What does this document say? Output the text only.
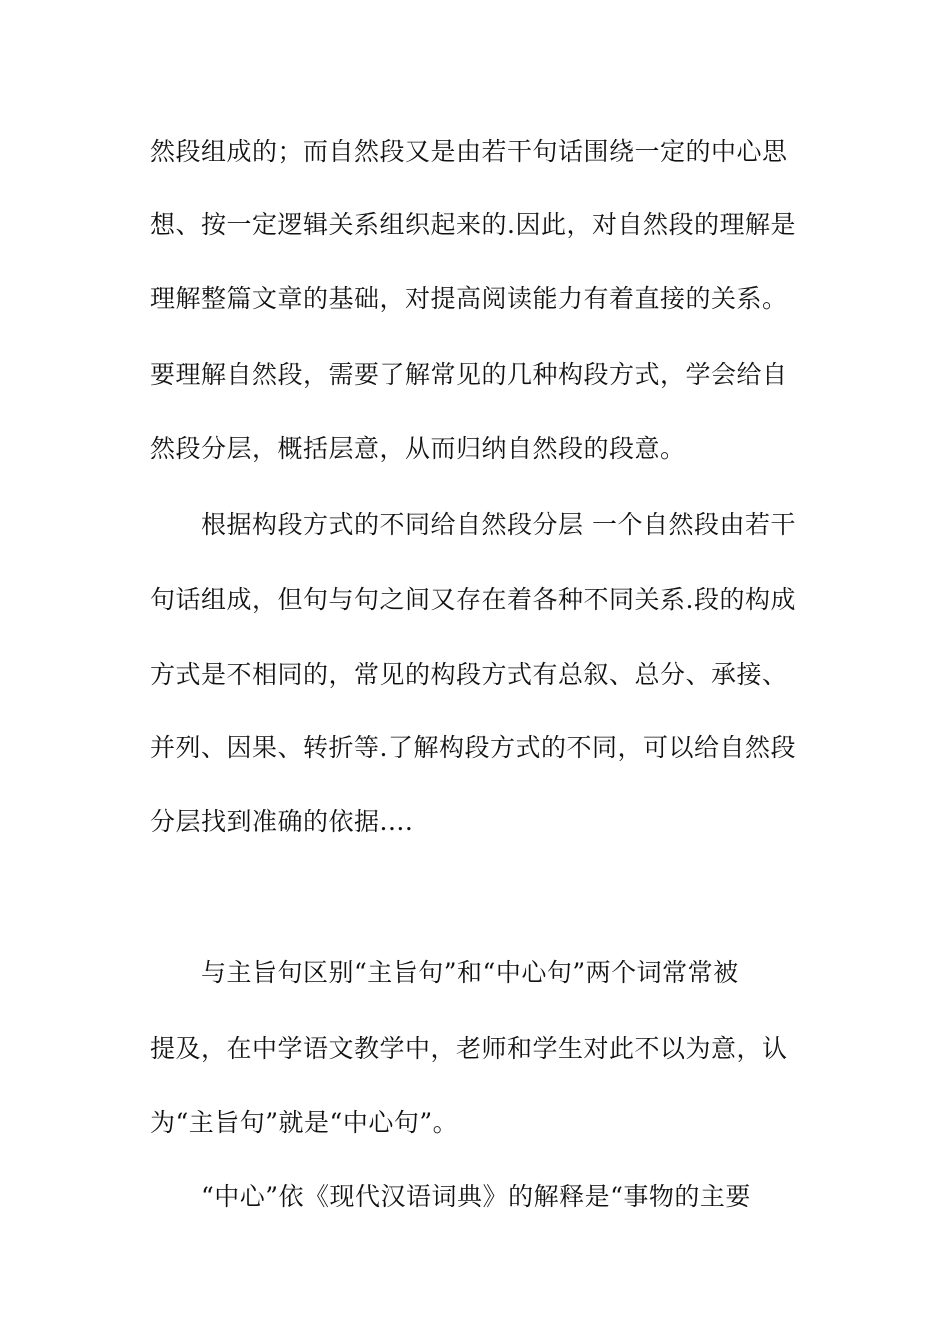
然段组成的；而自然段又是由若干句话围绕一定的中心思
想、按一定逻辑关系组织起来的.因此，对自然段的理解是
理解整篇文章的基础，对提高阅读能力有着直接的关系。
要理解自然段，需要了解常见的几种构段方式，学会给自
然段分层，概括层意，从而归纳自然段的段意。
根据构段方式的不同给自然段分层 一个自然段由若干
句话组成，但句与句之间又存在着各种不同关系.段的构成
方式是不相同的，常见的构段方式有总叙、总分、承接、
并列、因果、转折等.了解构段方式的不同，可以给自然段
分层找到准确的依据....
与主旨句区别“主旨句”和“中心句”两个词常常被
提及，在中学语文教学中，老师和学生对此不以为意，认
为“主旨句”就是“中心句”。
“中心”依《现代汉语词典》的解释是“事物的主要
